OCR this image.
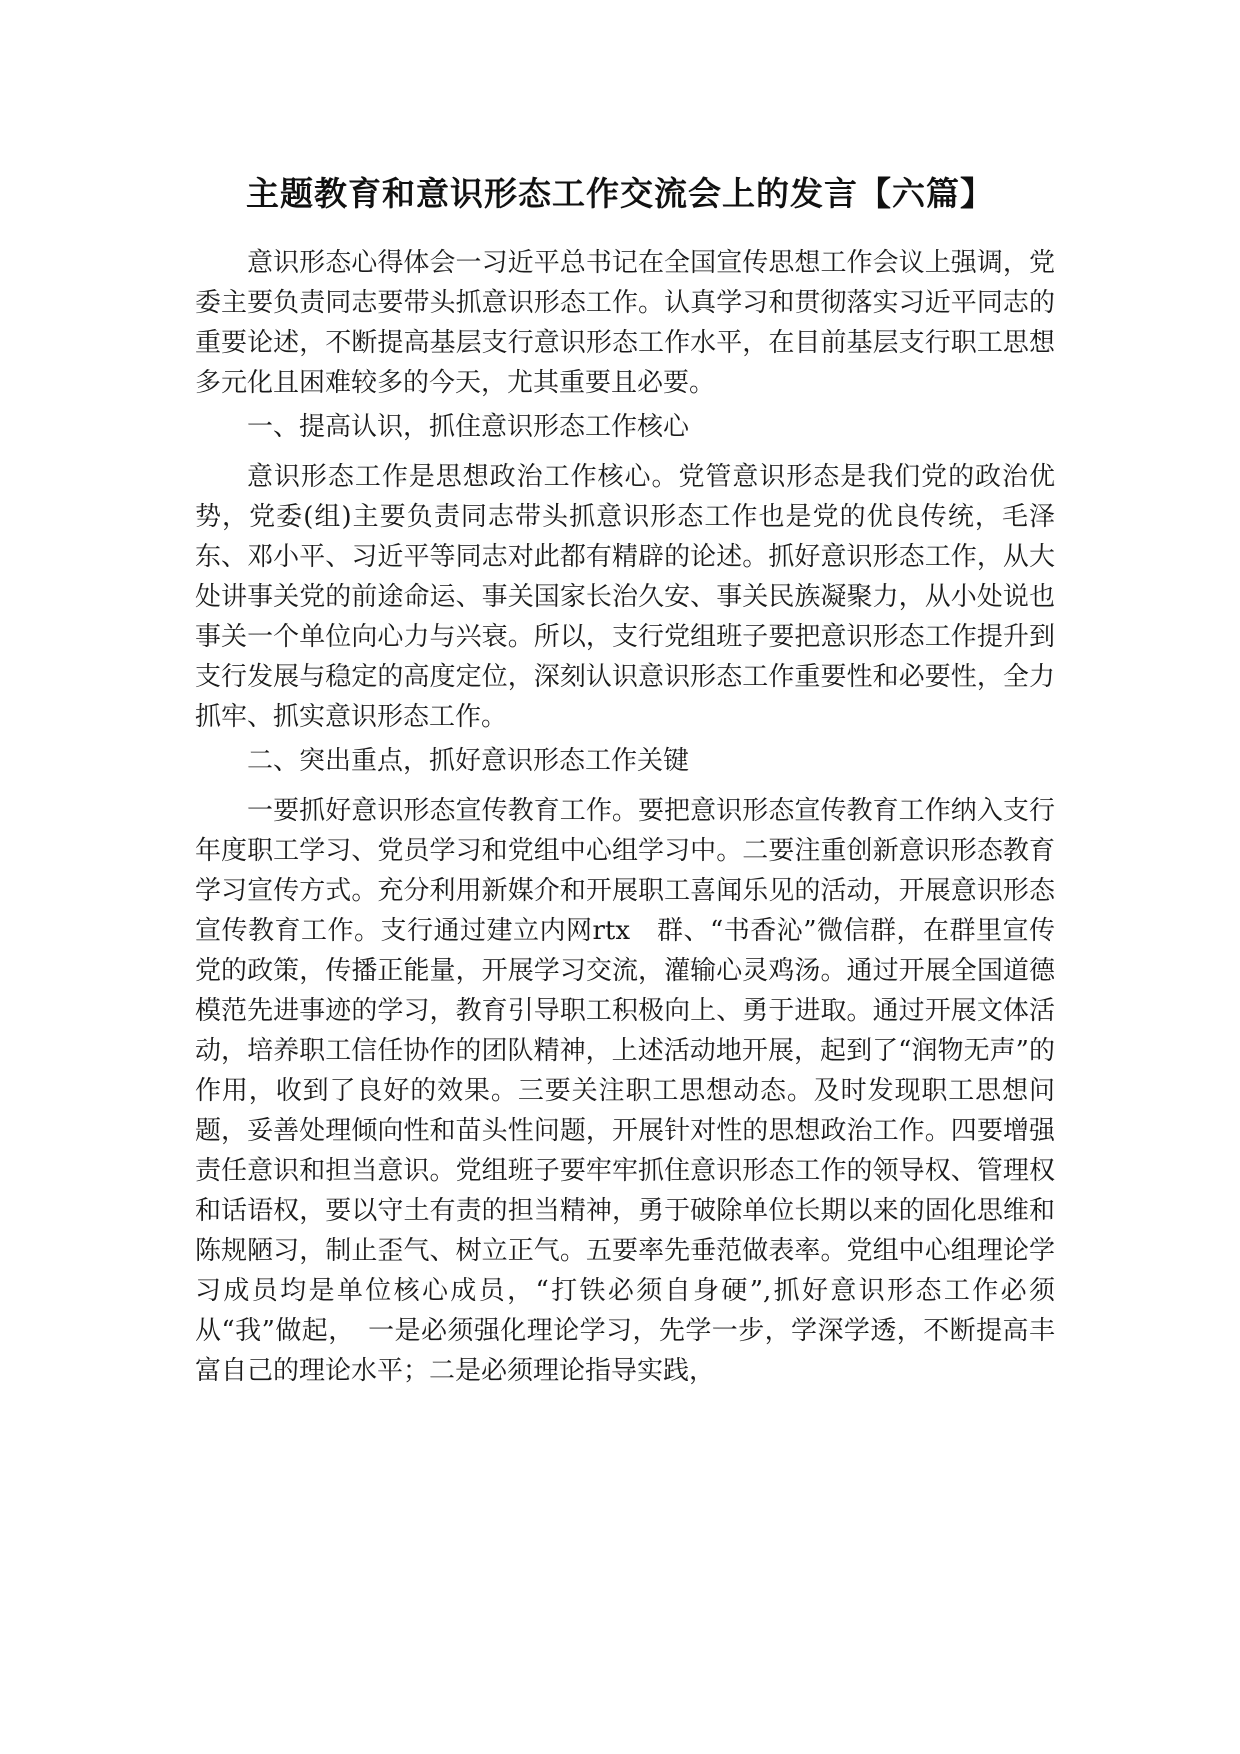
主题教育和意识形态工作交流会上的发言【六篇】

意识形态心得体会一习近平总书记在全国宣传思想工作会议上强调，党委主要负责同志要带头抓意识形态工作。认真学习和贯彻落实习近平同志的重要论述，不断提高基层支行意识形态工作水平，在目前基层支行职工思想多元化且困难较多的今天，尤其重要且必要。

一、提高认识，抓住意识形态工作核心

意识形态工作是思想政治工作核心。党管意识形态是我们党的政治优势，党委(组)主要负责同志带头抓意识形态工作也是党的优良传统，毛泽东、邓小平、习近平等同志对此都有精辟的论述。抓好意识形态工作，从大处讲事关党的前途命运、事关国家长治久安、事关民族凝聚力，从小处说也事关一个单位向心力与兴衰。所以，支行党组班子要把意识形态工作提升到支行发展与稳定的高度定位，深刻认识意识形态工作重要性和必要性，全力抓牢、抓实意识形态工作。

二、突出重点，抓好意识形态工作关键

一要抓好意识形态宣传教育工作。要把意识形态宣传教育工作纳入支行年度职工学习、党员学习和党组中心组学习中。二要注重创新意识形态教育学习宣传方式。充分利用新媒介和开展职工喜闻乐见的活动，开展意识形态宣传教育工作。支行通过建立内网rtx　群、“书香沁”微信群，在群里宣传党的政策，传播正能量，开展学习交流，灌输心灵鸡汤。通过开展全国道德模范先进事迹的学习，教育引导职工积极向上、勇于进取。通过开展文体活动，培养职工信任协作的团队精神，上述活动地开展，起到了“润物无声”的作用，收到了良好的效果。三要关注职工思想动态。及时发现职工思想问题，妥善处理倾向性和苗头性问题，开展针对性的思想政治工作。四要增强责任意识和担当意识。党组班子要牢牢抓住意识形态工作的领导权、管理权和话语权，要以守土有责的担当精神，勇于破除单位长期以来的固化思维和陈规陋习，制止歪气、树立正气。五要率先垂范做表率。党组中心组理论学习成员均是单位核心成员，“打铁必须自身硬”,抓好意识形态工作必须从“我”做起，　一是必须强化理论学习，先学一步，学深学透，不断提高丰富自己的理论水平；二是必须理论指导实践，
